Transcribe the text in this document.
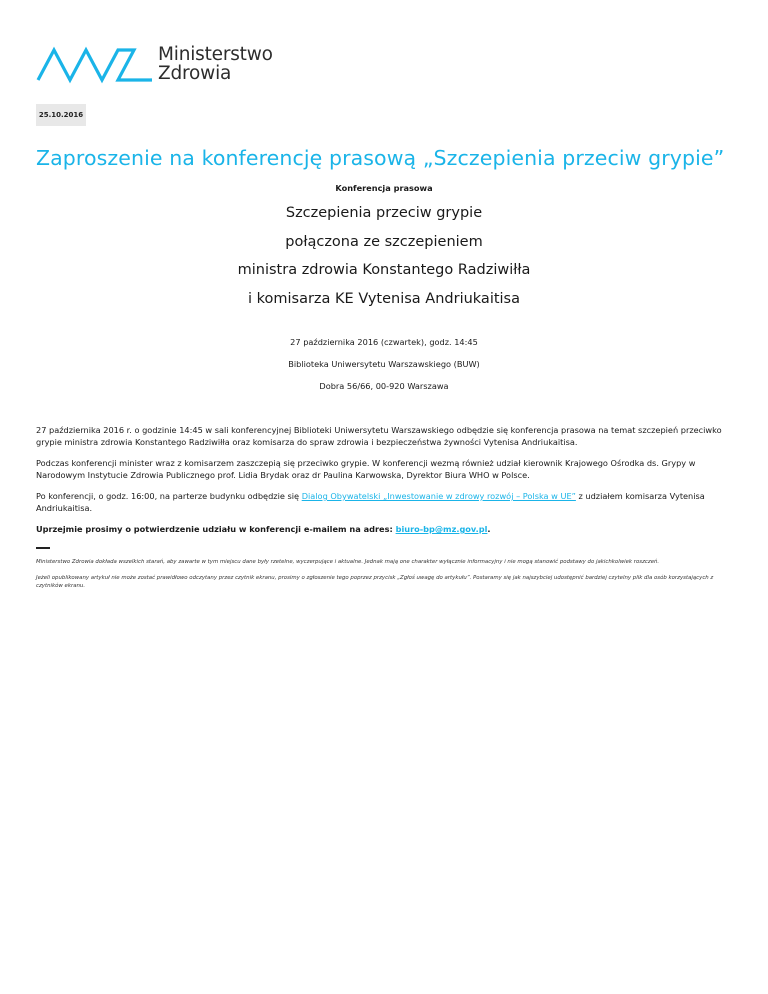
Ministerstwo
Zdrowia
25.10.2016
Zaproszenie na konferencję prasową „Szczepienia przeciw grypie”
Konferencja prasowa
Szczepienia przeciw grypie
połączona ze szczepieniem
ministra zdrowia Konstantego Radziwiłła
i komisarza KE Vytenisa Andriukaitisa
27 października 2016 (czwartek), godz. 14:45
Biblioteka Uniwersytetu Warszawskiego (BUW)
Dobra 56/66, 00-920 Warszawa

27 października 2016 r. o godzinie 14:45 w sali konferencyjnej Biblioteki Uniwersytetu Warszawskiego odbędzie się konferencja prasowa na temat szczepień przeciwko grypie ministra zdrowia Konstantego Radziwiłła oraz komisarza do spraw zdrowia i bezpieczeństwa żywności Vytenisa Andriukaitisa.

Podczas konferencji minister wraz z komisarzem zaszczepią się przeciwko grypie. W konferencji wezmą również udział kierownik Krajowego Ośrodka ds. Grypy w Narodowym Instytucie Zdrowia Publicznego prof. Lidia Brydak oraz dr Paulina Karwowska, Dyrektor Biura WHO w Polsce.

Po konferencji, o godz. 16:00, na parterze budynku odbędzie się Dialog Obywatelski „Inwestowanie w zdrowy rozwój – Polska w UE” z udziałem komisarza Vytenisa Andriukaitisa.

Uprzejmie prosimy o potwierdzenie udziału w konferencji e-mailem na adres: biuro-bp@mz.gov.pl.

Ministerstwo Zdrowia dokłada wszelkich starań, aby zawarte w tym miejscu dane były rzetelne, wyczerpujące i aktualne. Jednak mają one charakter wyłącznie informacyjny i nie mogą stanowić podstawy do jakichkolwiek roszczeń.

Jeżeli opublikowany artykuł nie może zostać prawidłowo odczytany przez czytnik ekranu, prosimy o zgłoszenie tego poprzez przycisk „Zgłoś uwagę do artykułu”. Postaramy się jak najszybciej udostępnić bardziej czytelny plik dla osób korzystających z czytników ekranu.
